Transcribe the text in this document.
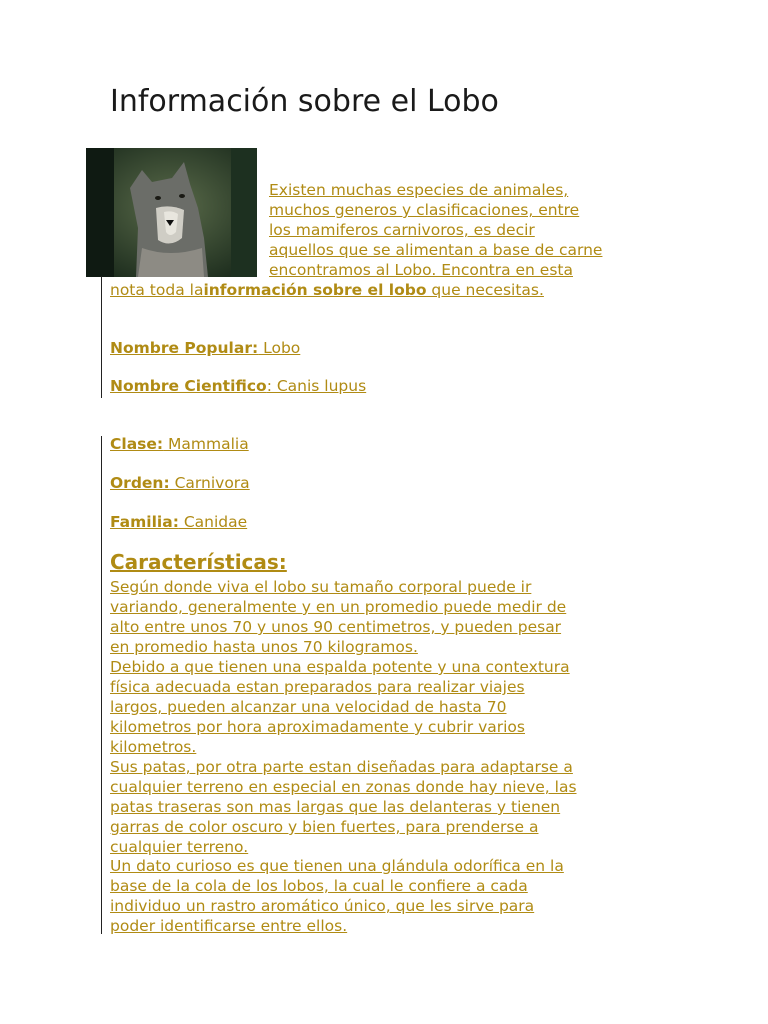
Información sobre el Lobo
Existen muchas especies de animales,
muchos generos y clasificaciones, entre
los mamiferos carnivoros, es decir
aquellos que se alimentan a base de carne
encontramos al Lobo. Encontra en esta
nota toda lainformación sobre el lobo que necesitas.
Nombre Popular: Lobo
Nombre Cientifico: Canis lupus
Clase: Mammalia
Orden: Carnivora
Familia: Canidae
Características:
Según donde viva el lobo su tamaño corporal puede ir
variando, generalmente y en un promedio puede medir de
alto entre unos 70 y unos 90 centimetros, y pueden pesar
en promedio hasta unos 70 kilogramos.
Debido a que tienen una espalda potente y una contextura
física adecuada estan preparados para realizar viajes
largos, pueden alcanzar una velocidad de hasta 70
kilometros por hora aproximadamente y cubrir varios
kilometros.
Sus patas, por otra parte estan diseñadas para adaptarse a
cualquier terreno en especial en zonas donde hay nieve, las
patas traseras son mas largas que las delanteras y tienen
garras de color oscuro y bien fuertes, para prenderse a
cualquier terreno.
Un dato curioso es que tienen una glándula odorífica en la
base de la cola de los lobos, la cual le confiere a cada
individuo un rastro aromático único, que les sirve para
poder identificarse entre ellos.
